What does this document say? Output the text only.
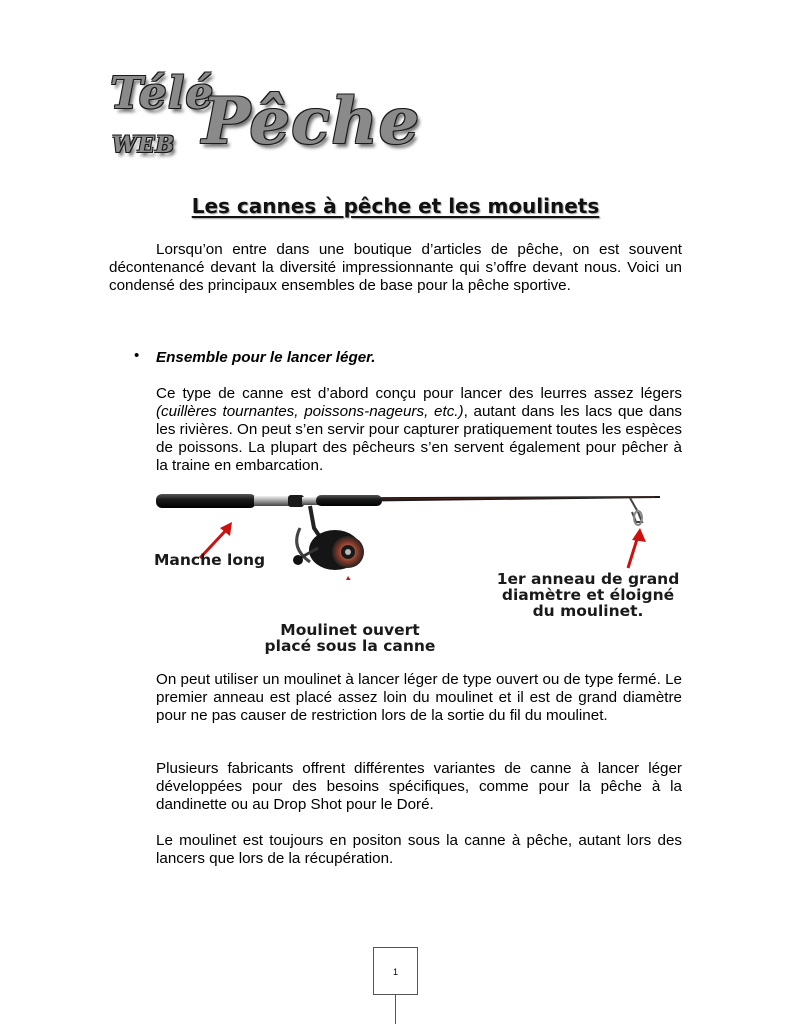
Télé
WEB Pêche
Les cannes à pêche et les moulinets
Lorsqu’on entre dans une boutique d’articles de pêche, on est souvent décontenancé devant la diversité impressionnante qui s’offre devant nous. Voici un condensé des principaux ensembles de base pour la pêche sportive.
• Ensemble pour le lancer léger.
Ce type de canne est d’abord conçu pour lancer des leurres assez légers (cuillères tournantes, poissons-nageurs, etc.), autant dans les lacs que dans les rivières. On peut s’en servir pour capturer pratiquement toutes les espèces de poissons. La plupart des pêcheurs s’en servent également pour pêcher à la traine en embarcation.
Manche long
Moulinet ouvert
placé sous la canne
1er anneau de grand
diamètre et éloigné
du moulinet.
On peut utiliser un moulinet à lancer léger de type ouvert ou de type fermé. Le premier anneau est placé assez loin du moulinet et il est de grand diamètre pour ne pas causer de restriction lors de la sortie du fil du moulinet.
Plusieurs fabricants offrent différentes variantes de canne à lancer léger développées pour des besoins spécifiques, comme pour la pêche à la dandinette ou au Drop Shot pour le Doré.
Le moulinet est toujours en positon sous la canne à pêche, autant lors des lancers que lors de la récupération.
1
